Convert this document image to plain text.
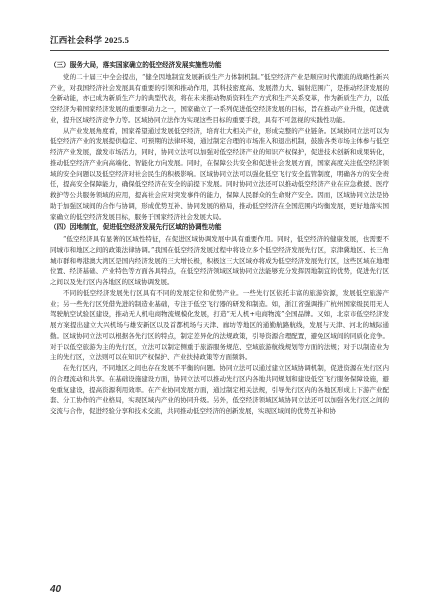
江西社会科学 2025.5
（三）服务大局，落实国家确立的低空经济发展实施性功能

党的二十届三中全会提出，“健全因地制宜发展新质生产力体制机制。”低空经济产业是顺应时代潮流的战略性新兴产业，对我国经济社会发展具有重要的引领和推动作用，其科技密度高、发展潜力大、辐射范围广，是推动经济发展的全新动能，亦已成为新质生产力的典型代表，将在未来推动物质资料生产方式和生产关系变革，作为新质生产力，以低空经济为着国家经济发展的重要驱动力之一，国家确立了一系列促进低空经济发展的目标，旨在推动产业升级，促进就业，提升区域经济竞争力等。区域协同立法作为实现这些目标的重要手段，具有不可忽视的实践性功能。

从产业发展角度看，国家希望通过发展低空经济，培育壮大相关产业，形成完整的产业链条。区域协同立法可以为低空经济产业的发展提供稳定、可预期的法律环境，通过制定合理的市场准入和退出机制，鼓励各类市场主体参与低空经济产业发展，激发市场活力，同时，协同立法可以加强对低空经济产业的知识产权保护，促进技术创新和成果转化，推动低空经济产业向高端化、智能化方向发展。同时，在保障公共安全和促进社会发展方面，国家高度关注低空经济领域的安全问题以及低空经济对社会民生的积极影响。区域协同立法可以强化低空飞行安全监管制度，明确各方的安全责任，提高安全保障能力，确保低空经济在安全的前提下发展。同时协同立法还可以推动低空经济产业在应急救援、医疗救护等公共服务领域的应用，提高社会应对突发事件的能力，保障人民群众的生命财产安全。因而，区域协同立法是协助于加强区域间的合作与协调，形成优势互补、协同发展的格局，推动低空经济在全国范围内均衡发展，更好地落实国家确立的低空经济发展目标，服务于国家经济社会发展大局。

（四）因地制宜，促进低空经济发展先行区域的协调性功能

“低空经济具有显著的区域性特征，在促进区域协调发展中具有重要作用。同时，低空经济的健康发展，也需要不同城市和地区之间的政策法律协调。”我国在低空经济发展过程中将设立多个低空经济发展先行区，京津冀地区、长三角城市群和粤港澳大湾区是国内经济发展的三大增长极，积极这三大区域亦将成为低空经济发展先行区，这些区域在地理位置、经济基础、产业特色等方面各具特点，在低空经济领域区域协同立法能够充分发挥因地制宜的优势，促进先行区之间以及先行区内各地区的区域协调发展。

不同的低空经济发展先行区具有不同的发展定位和优势产业。一些先行区依托丰富的旅游资源，发展低空旅游产业；另一些先行区凭借先进的制造业基础，专注于低空飞行器的研发和制造。如，浙江省强调推广杭州国家级民用无人驾驶航空试验区建设，推动无人机电商物流规模化发展，打造“无人机+电商物流”全国品牌。又如，北京市低空经济发展方案提出建立大兴机场与雄安新区以及首都机场与天津、廊坊等地区的通勤航路航线，发展与天津、河北的城际通勤。区域协同立法可以根据各先行区的特点，制定差异化的法规政策，引导资源合理配置，避免区域间的同质化竞争。对于以低空旅游为主的先行区，立法可以制定侧重于旅游服务规范、空域旅游航线规划等方面的法规；对于以制造业为主的先行区，立法则可以在知识产权保护、产业扶持政策等方面频斜。

在先行区内，不同地区之间也存在发展不平衡的问题。协同立法可以通过建立区域协调机制，促进资源在先行区内的合理流动和共享。在基础设施建设方面，协同立法可以推动先行区内各地共同规划和建设低空飞行服务保障设施，避免重复建设，提高资源利用效率。在产业协同发展方面，通过制定相关法规，引导先行区内的各地区形成上下游产业配套、分工协作的产业格局，实现区域内产业的协同升级。另外，低空经济领域区域协同立法还可以加强各先行区之间的交流与合作，促进经验分享和技术交流，共同推动低空经济的创新发展，实现区域间的优势互补和协

40
